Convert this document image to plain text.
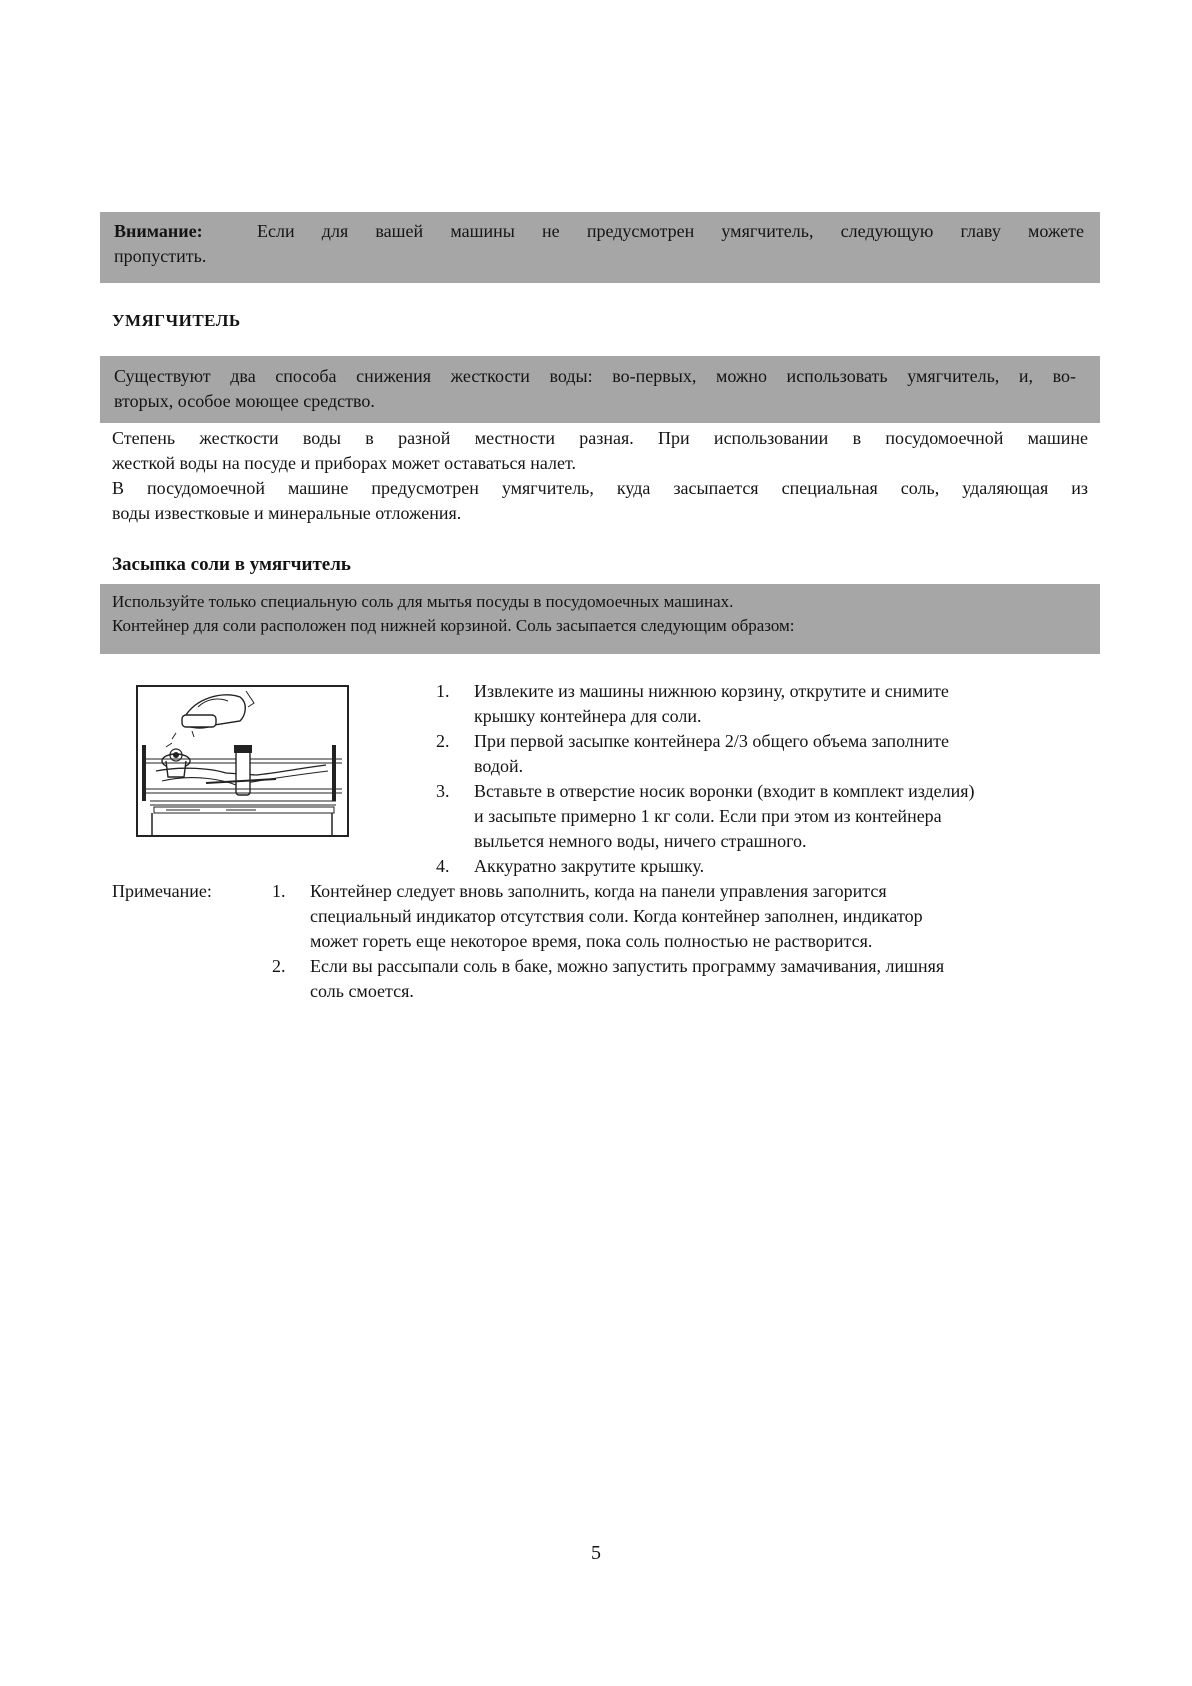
Внимание:	Если для вашей машины не предусмотрен умягчитель, следующую главу можете
пропустить.
УМЯГЧИТЕЛЬ
Существуют два способа снижения жесткости воды: во-первых, можно использовать умягчитель, и, во-
вторых, особое моющее средство.
Степень жесткости воды в разной местности разная. При использовании в посудомоечной машине
жесткой воды на посуде и приборах может оставаться налет.
В посудомоечной машине предусмотрен умягчитель, куда засыпается специальная соль, удаляющая из
воды известковые и минеральные отложения.
Засыпка соли в умягчитель

Используйте только специальную соль для мытья посуды в посудомоечных машинах.

Контейнер для соли расположен под нижней корзиной. Соль засыпается следующим образом:

1. Извлеките из машины нижнюю корзину, открутите и снимите
крышку контейнера для соли.
2. При первой засыпке контейнера 2/3 общего объема заполните
водой.
3. Вставьте в отверстие носик воронки (входит в комплект изделия)
и засыпьте примерно 1 кг соли. Если при этом из контейнера
выльется немного воды, ничего страшного.
4. Аккуратно закрутите крышку.
Примечание:	1. Контейнер следует вновь заполнить, когда на панели управления загорится
специальный индикатор отсутствия соли. Когда контейнер заполнен, индикатор
может гореть еще некоторое время, пока соль полностью не растворится.
2. Если вы рассыпали соль в баке, можно запустить программу замачивания, лишняя
соль смоется.
5
